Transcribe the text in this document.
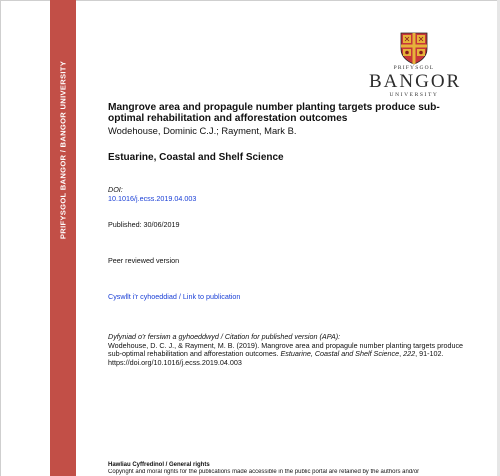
PRIFYSGOL BANGOR / BANGOR UNIVERSITY	PRIFYSGOL
BANGOR
UNIVERSITY

Mangrove area and propagule number planting targets produce sub-optimal rehabilitation and afforestation outcomes

Wodehouse, Dominic C.J.; Rayment, Mark B.
Estuarine, Coastal and Shelf Science
DOI:
10.1016/j.ecss.2019.04.003
Published: 30/06/2019
Peer reviewed version
Cyswllt i'r cyhoeddiad / Link to publication
Dyfyniad o'r fersiwn a gyhoeddwyd / Citation for published version (APA):
Wodehouse, D. C. J., & Rayment, M. B. (2019). Mangrove area and propagule number planting targets produce sub-optimal rehabilitation and afforestation outcomes. Estuarine, Coastal and Shelf Science, 222, 91-102. https://doi.org/10.1016/j.ecss.2019.04.003
Hawliau Cyffredinol / General rights
Copyright and moral rights for the publications made accessible in the public portal are retained by the authors and/or
